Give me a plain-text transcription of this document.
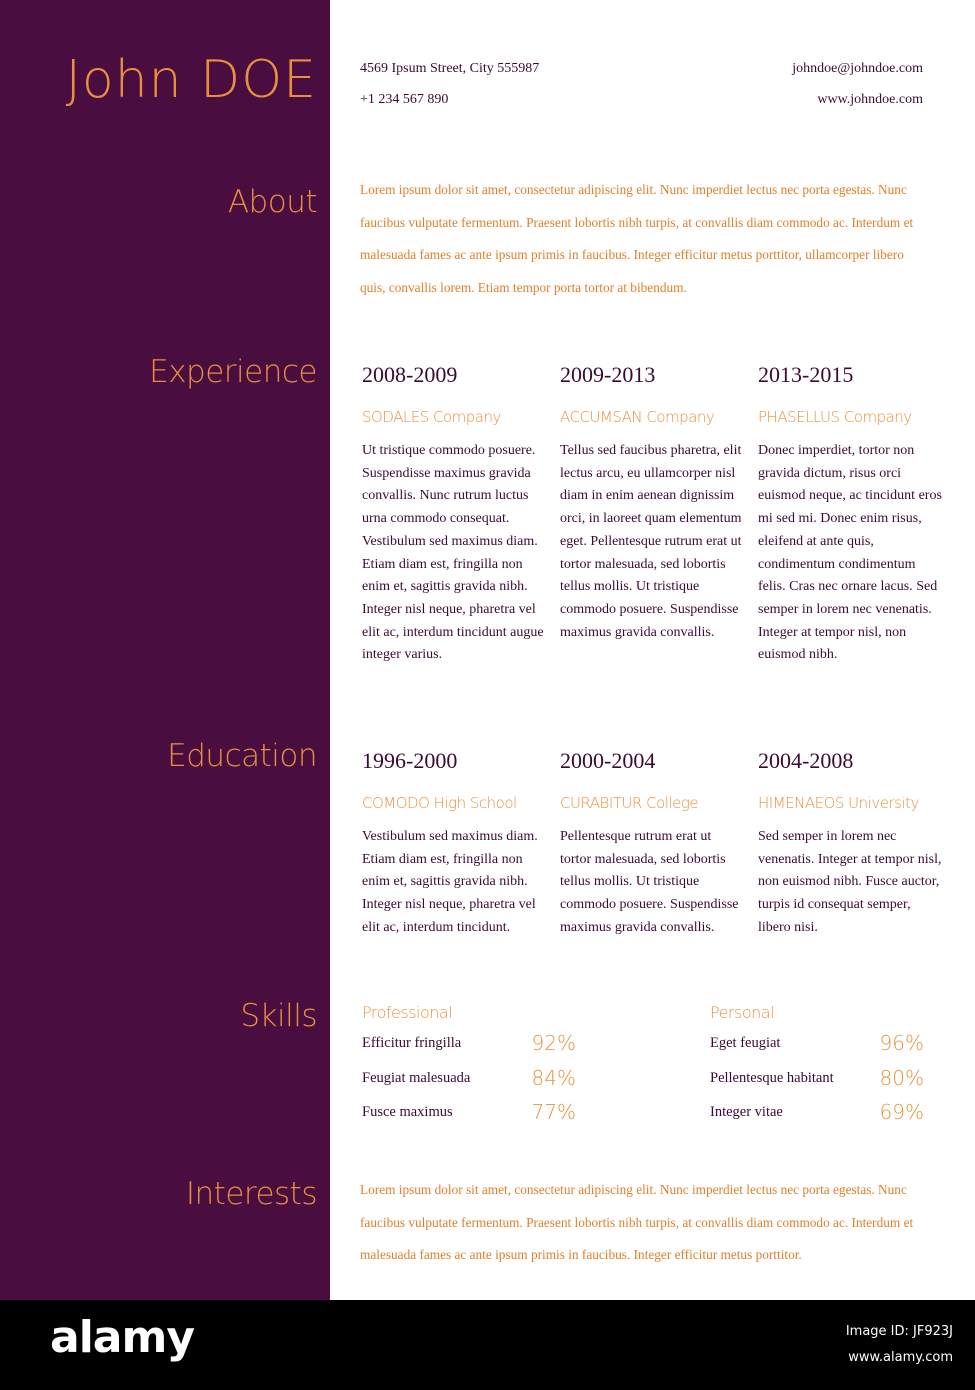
John DOE	4569 Ipsum Street, City 555987
+1 234 567 890
johndoe@johndoe.com
www.johndoe.com
About	Lorem ipsum dolor sit amet, consectetur adipiscing elit. Nunc imperdiet lectus nec porta egestas. Nunc faucibus vulputate fermentum. Praesent lobortis nibh turpis, at convallis diam commodo ac. Interdum et malesuada fames ac ante ipsum primis in faucibus. Integer efficitur metus porttitor, ullamcorper libero quis, convallis lorem. Etiam tempor porta tortor at bibendum.
Experience 2008-2009
SODALES Company
Ut tristique commodo posuere. Suspendisse maximus gravida convallis. Nunc rutrum luctus urna commodo consequat. Vestibulum sed maximus diam. Etiam diam est, fringilla non enim et, sagittis gravida nibh. Integer nisl neque, pharetra vel elit ac, interdum tincidunt augue integer varius.
2009-2013
ACCUMSAN Company
Tellus sed faucibus pharetra, elit lectus arcu, eu ullamcorper nisl diam in enim aenean dignissim orci, in laoreet quam elementum eget. Pellentesque rutrum erat ut tortor malesuada, sed lobortis tellus mollis. Ut tristique commodo posuere. Suspendisse maximus gravida convallis.
2013-2015
PHASELLUS Company
Donec imperdiet, tortor non gravida dictum, risus orci euismod neque, ac tincidunt eros mi sed mi. Donec enim risus, eleifend at ante quis, condimentum condimentum felis. Cras nec ornare lacus. Sed semper in lorem nec venenatis. Integer at tempor nisl, non euismod nibh.
Education 1996-2000
COMODO High School
Vestibulum sed maximus diam. Etiam diam est, fringilla non enim et, sagittis gravida nibh. Integer nisl neque, pharetra vel elit ac, interdum tincidunt.
2000-2004
CURABITUR College
Pellentesque rutrum erat ut tortor malesuada, sed lobortis tellus mollis. Ut tristique commodo posuere. Suspendisse maximus gravida convallis.
2004-2008
HIMENAEOS University
Sed semper in lorem nec venenatis. Integer at tempor nisl, non euismod nibh. Fusce auctor, turpis id consequat semper, libero nisi.
Skills	Professional
Efficitur fringilla	92%
Feugiat malesuada	84%
Fusce maximus	77%
Personal
Eget feugiat	96%
Pellentesque habitant 80%
Integer vitae	69%
Interests	Lorem ipsum dolor sit amet, consectetur adipiscing elit. Nunc imperdiet lectus nec porta egestas. Nunc faucibus vulputate fermentum. Praesent lobortis nibh turpis, at convallis diam commodo ac. Interdum et malesuada fames ac ante ipsum primis in faucibus. Integer efficitur metus porttitor.
alamy	Image ID: JF923J
www.alamy.com
